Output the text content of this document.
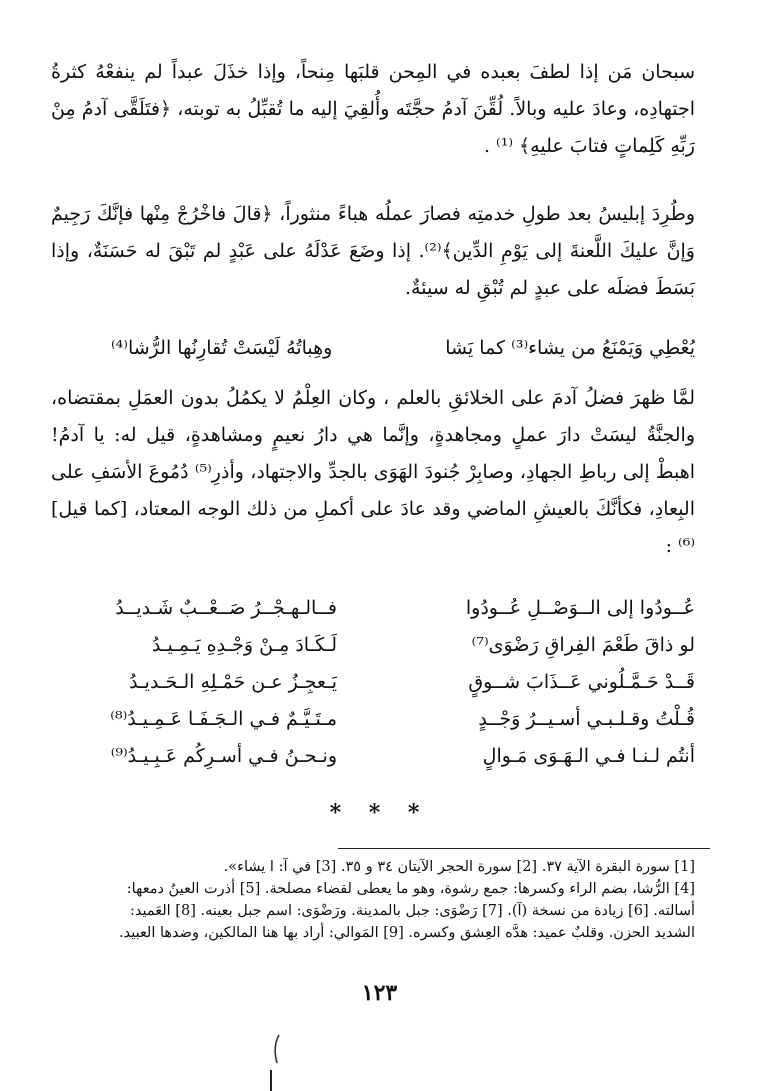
سبحان مَن إذا لطفَ بعبده في المِحن قلبَها مِنحاً، وإذا خذَلَ عبداً لم ينفعْهُ كثرةُ اجتهادِه، وعادَ عليه وبالاً. لُقِّنَ آدمُ حجَّتَه وأُلقِيَ إليه ما تُقبِّلُ به توبته، ﴿فتَلَقَّى آدمُ مِنْ رَبِّهِ كَلِماتٍ فتابَ عليهِ﴾ ⁽¹⁾ .
وطُرِدَ إبليسُ بعد طولِ خدمتِه فصارَ عملُه هباءً منثوراً، ﴿قالَ فاخْرُجْ مِنْها فإنَّكَ رَجِيمٌ وَإنَّ عليكَ اللَّعنةَ إلى يَوْمِ الدِّين﴾⁽²⁾. إذا وضَعَ عَدْلَهُ على عَبْدٍ لم تَبْقَ له حَسَنَةٌ، وإذا بَسَطَ فضلَه على عبدٍ لم تُبْقِ له سيئةٌ.
يُعْطِي وَيَمْنَعُ من يشاء⁽³⁾ كما يَشا
وهِباتُهُ لَيْسَتْ تُقارِنُها الرُّشا⁽⁴⁾
لمَّا ظهرَ فضلُ آدمَ على الخلائقِ بالعلم ، وكان العِلْمُ لا يكمُلُ بدون العمَلِ بمقتضاه، والجنَّةُ ليسَتْ دارَ عملٍ ومجاهدةٍ، وإنَّما هي دارُ نعيمٍ ومشاهدةٍ، قيل له: يا آدمُ! اهبطْ إلى رباطِ الجهادِ، وصابِرْ جُنودَ الهَوَى بالجدِّ والاجتهاد، وأذرِ⁽⁵⁾ دُمُوعَ الأسَفِ على البِعادِ، فكأنَّكَ بالعيشِ الماضي وقد عادَ على أكملِ من ذلك الوجه المعتاد، [كما قيل]⁽⁶⁾ :
عُــودُوا إلى الــوَصْــلِ عُــودُوا
فــالـهـجْــرُ صَــعْــبٌ شَـديــدُ
لو ذاقَ طَعْمَ الفِراقِ رَضْوَى⁽⁷⁾
لَـكَـادَ مِـنْ وَجْـدِهِ يَـمِـيـدُ
قَــدْ حَـمَّـلُوني عَــذَابَ شــوقٍ
يَـعجِـزُ عـن حَمْـلِهِ الـحَـديـدُ
قُـلْتُ وقـلـبـي أسـيــرُ وَجْــدٍ
مـتَـيَّـمٌ فـي الـجَـفَـا عَـمِـيـدُ⁽⁸⁾
أنتُم لـنـا فـي الـهَـوَى مَـوالٍ
ونـحـنُ فـي أسـرِكُم عَـبِـيـدُ⁽⁹⁾
* * *
[1] سورة البقرة الآية ٣٧. [2] سورة الحجر الآيتان ٣٤ و ٣٥. [3] في آ: ا يشاء».
[4] الرُّشا، بضم الراء وكسرها: جمع رشوة، وهو ما يعطى لقضاء مصلحة. [5] أذرت العينُ دمعها:
أسالته. [6] زيادة من نسخة (آ). [7] رَضْوَى: جبل بالمدينة. ورَضْوَى: اسم جبل بعينه. [8] العَميد:
الشديد الحزن. وقلبٌ عميد: هدَّه العِشق وكسره. [9] المَوالي: أراد بها هنا المالكين، وضدها العبيد.
١٢٣
